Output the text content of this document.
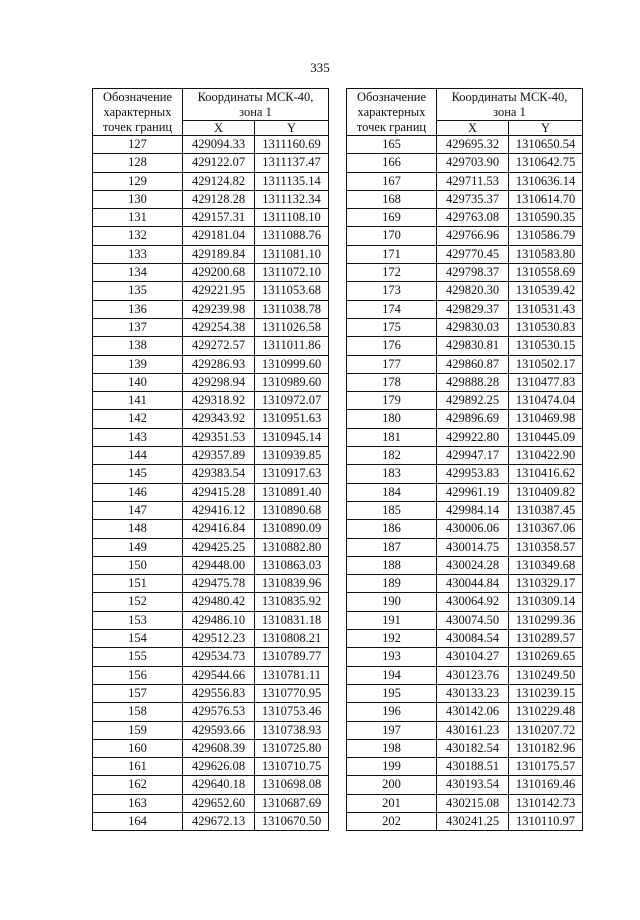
335
Обозначение
характерных
точек границ	Координаты МСК-40,
зона 1	
	X	Y
127	429094.33	1311160.69
128	429122.07	1311137.47
129	429124.82	1311135.14
130	429128.28	1311132.34
131	429157.31	1311108.10
132	429181.04	1311088.76
133	429189.84	1311081.10
134	429200.68	1311072.10
135	429221.95	1311053.68
136	429239.98	1311038.78
137	429254.38	1311026.58
138	429272.57	1311011.86
139	429286.93	1310999.60
140	429298.94	1310989.60
141	429318.92	1310972.07
142	429343.92	1310951.63
143	429351.53	1310945.14
144	429357.89	1310939.85
145	429383.54	1310917.63
146	429415.28	1310891.40
147	429416.12	1310890.68
148	429416.84	1310890.09
149	429425.25	1310882.80
150	429448.00	1310863.03
151	429475.78	1310839.96
152	429480.42	1310835.92
153	429486.10	1310831.18
154	429512.23	1310808.21
155	429534.73	1310789.77
156	429544.66	1310781.11
157	429556.83	1310770.95
158	429576.53	1310753.46
159	429593.66	1310738.93
160	429608.39	1310725.80
161	429626.08	1310710.75
162	429640.18	1310698.08
163	429652.60	1310687.69
164	429672.13	1310670.50
Обозначение
характерных
точек границ	Координаты МСК-40,
зона 1	
	X	Y
165	429695.32	1310650.54
166	429703.90	1310642.75
167	429711.53	1310636.14
168	429735.37	1310614.70
169	429763.08	1310590.35
170	429766.96	1310586.79
171	429770.45	1310583.80
172	429798.37	1310558.69
173	429820.30	1310539.42
174	429829.37	1310531.43
175	429830.03	1310530.83
176	429830.81	1310530.15
177	429860.87	1310502.17
178	429888.28	1310477.83
179	429892.25	1310474.04
180	429896.69	1310469.98
181	429922.80	1310445.09
182	429947.17	1310422.90
183	429953.83	1310416.62
184	429961.19	1310409.82
185	429984.14	1310387.45
186	430006.06	1310367.06
187	430014.75	1310358.57
188	430024.28	1310349.68
189	430044.84	1310329.17
190	430064.92	1310309.14
191	430074.50	1310299.36
192	430084.54	1310289.57
193	430104.27	1310269.65
194	430123.76	1310249.50
195	430133.23	1310239.15
196	430142.06	1310229.48
197	430161.23	1310207.72
198	430182.54	1310182.96
199	430188.51	1310175.57
200	430193.54	1310169.46
201	430215.08	1310142.73
202	430241.25	1310110.97
